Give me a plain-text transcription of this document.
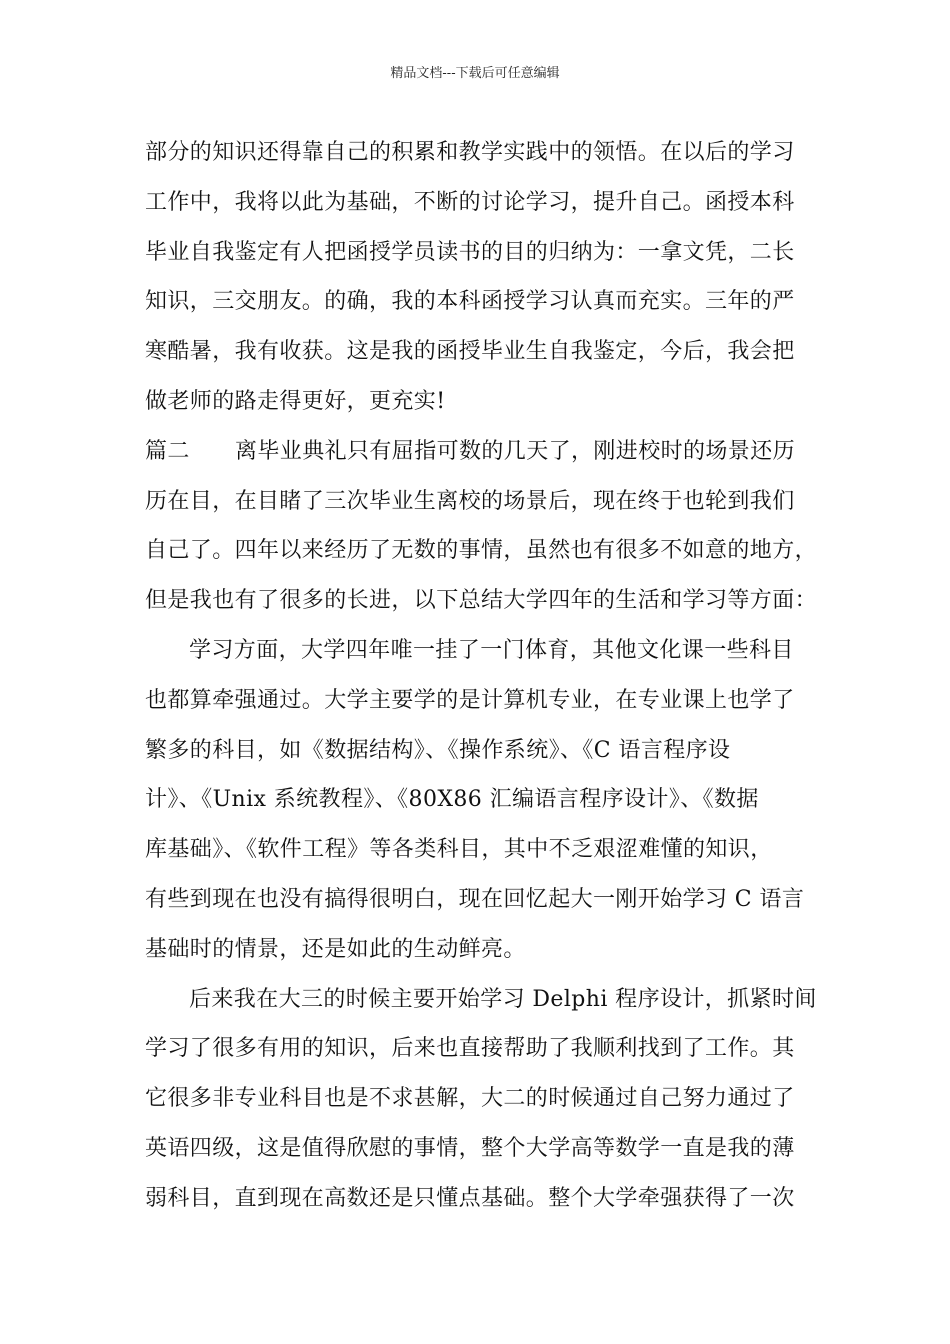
精品文档---下载后可任意编辑
部分的知识还得靠自己的积累和教学实践中的领悟。在以后的学习
工作中，我将以此为基础，不断的讨论学习，提升自己。函授本科
毕业自我鉴定有人把函授学员读书的目的归纳为：一拿文凭，二长
知识，三交朋友。的确，我的本科函授学习认真而充实。三年的严
寒酷暑，我有收获。这是我的函授毕业生自我鉴定，今后，我会把
做老师的路走得更好，更充实!
篇二 离毕业典礼只有屈指可数的几天了，刚进校时的场景还历
历在目，在目睹了三次毕业生离校的场景后，现在终于也轮到我们
自己了。四年以来经历了无数的事情，虽然也有很多不如意的地方，
但是我也有了很多的长进，以下总结大学四年的生活和学习等方面：
学习方面，大学四年唯一挂了一门体育，其他文化课一些科目
也都算牵强通过。大学主要学的是计算机专业，在专业课上也学了
繁多的科目，如《数据结构》、《操作系统》、《C 语言程序设
计》、《Unix 系统教程》、《80X86 汇编语言程序设计》、《数据
库基础》、《软件工程》等各类科目，其中不乏艰涩难懂的知识，
有些到现在也没有搞得很明白，现在回忆起大一刚开始学习 C 语言
基础时的情景，还是如此的生动鲜亮。
后来我在大三的时候主要开始学习 Delphi 程序设计，抓紧时间
学习了很多有用的知识，后来也直接帮助了我顺利找到了工作。其
它很多非专业科目也是不求甚解，大二的时候通过自己努力通过了
英语四级，这是值得欣慰的事情，整个大学高等数学一直是我的薄
弱科目，直到现在高数还是只懂点基础。整个大学牵强获得了一次
